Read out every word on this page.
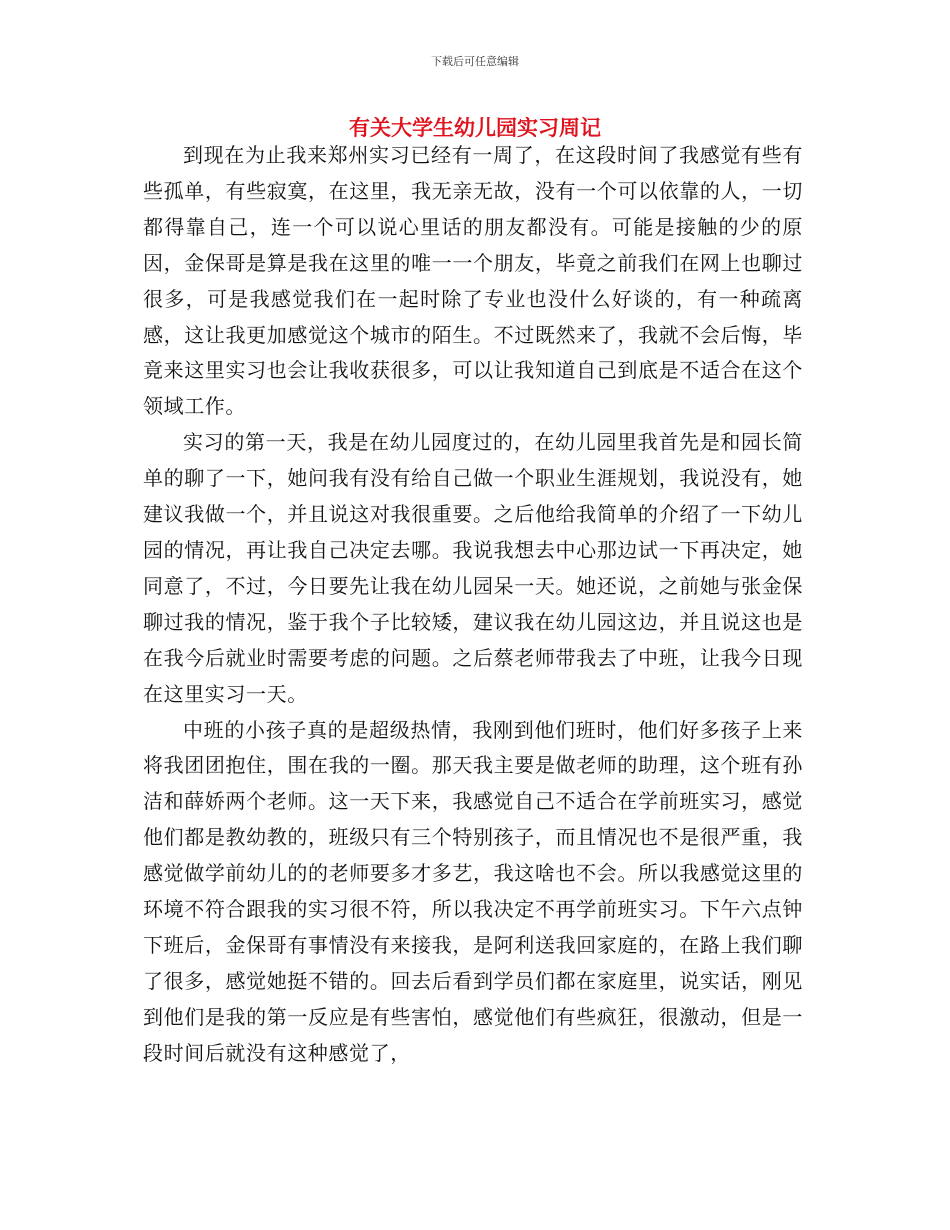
下载后可任意编辑
有关大学生幼儿园实习周记

到现在为止我来郑州实习已经有一周了，在这段时间了我感觉有些有些孤单，有些寂寞，在这里，我无亲无故，没有一个可以依靠的人，一切都得靠自己，连一个可以说心里话的朋友都没有。可能是接触的少的原因，金保哥是算是我在这里的唯一一个朋友，毕竟之前我们在网上也聊过很多，可是我感觉我们在一起时除了专业也没什么好谈的，有一种疏离感，这让我更加感觉这个城市的陌生。不过既然来了，我就不会后悔，毕竟来这里实习也会让我收获很多，可以让我知道自己到底是不适合在这个领域工作。

实习的第一天，我是在幼儿园度过的，在幼儿园里我首先是和园长简单的聊了一下，她问我有没有给自己做一个职业生涯规划，我说没有，她建议我做一个，并且说这对我很重要。之后他给我简单的介绍了一下幼儿园的情况，再让我自己决定去哪。我说我想去中心那边试一下再决定，她同意了，不过，今日要先让我在幼儿园呆一天。她还说，之前她与张金保聊过我的情况，鉴于我个子比较矮，建议我在幼儿园这边，并且说这也是在我今后就业时需要考虑的问题。之后蔡老师带我去了中班，让我今日现在这里实习一天。

中班的小孩子真的是超级热情，我刚到他们班时，他们好多孩子上来将我团团抱住，围在我的一圈。那天我主要是做老师的助理，这个班有孙洁和薛娇两个老师。这一天下来，我感觉自己不适合在学前班实习，感觉他们都是教幼教的，班级只有三个特别孩子，而且情况也不是很严重，我感觉做学前幼儿的的老师要多才多艺，我这啥也不会。所以我感觉这里的环境不符合跟我的实习很不符，所以我决定不再学前班实习。下午六点钟下班后，金保哥有事情没有来接我，是阿利送我回家庭的，在路上我们聊了很多，感觉她挺不错的。回去后看到学员们都在家庭里，说实话，刚见到他们是我的第一反应是有些害怕，感觉他们有些疯狂，很激动，但是一段时间后就没有这种感觉了，
